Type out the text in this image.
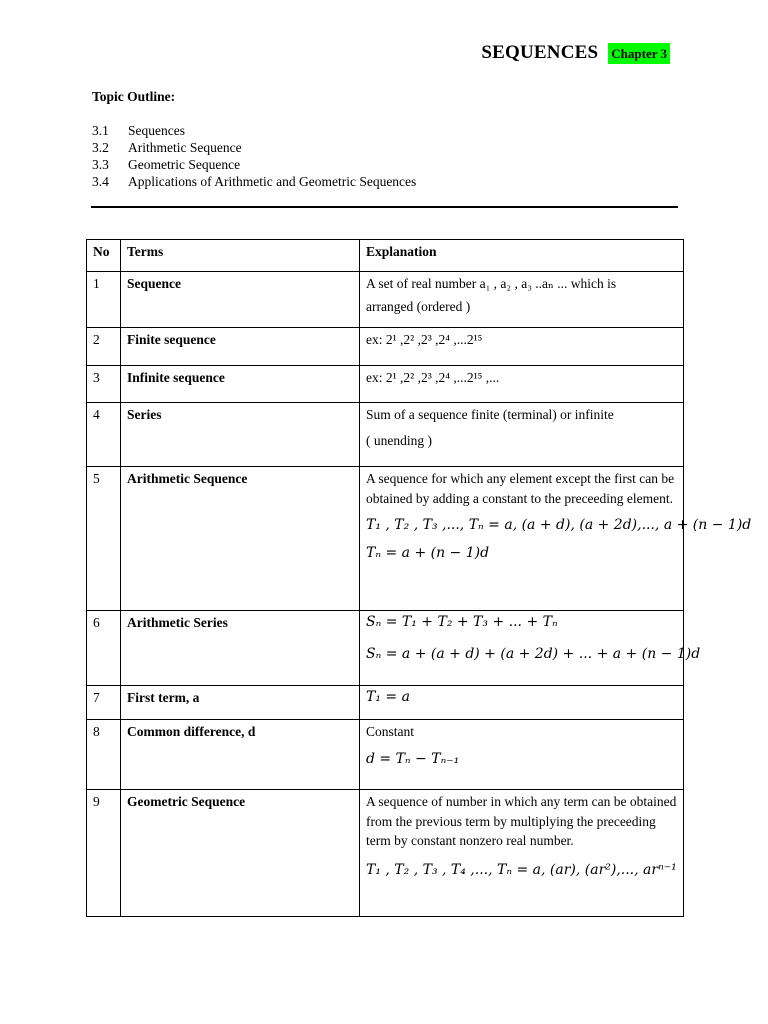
SEQUENCES Chapter 3
Topic Outline:
3.1	Sequences
3.2	Arithmetic Sequence
3.3	Geometric Sequence
3.4	Applications of Arithmetic and Geometric Sequences
No	Terms	Explanation
1	Sequence	A set of real number a₁ , a₂ , a₃ ..aₙ ... which is
arranged (ordered )

2	Finite sequence	ex: 2¹ ,2² ,2³ ,2⁴ ,...2¹⁵

3	Infinite sequence	ex: 2¹ ,2² ,2³ ,2⁴ ,...2¹⁵ ,...

4	Series	Sum of a sequence finite (terminal) or infinite
( unending )

5	Arithmetic Sequence	A sequence for which any element except the first can be obtained by adding a constant to the preceeding element.
T₁ , T₂ , T₃ ,..., Tₙ = a, (a + d), (a + 2d),..., a + (n − 1)d
Tₙ = a + (n − 1)d

6	Arithmetic Series	Sₙ = T₁ + T₂ + T₃ + ... + Tₙ
Sₙ = a + (a + d) + (a + 2d) + ... + a + (n − 1)d

7	First term, a	T₁ = a

8	Common difference, d	Constant
d = Tₙ − Tₙ₋₁

9	Geometric Sequence	A sequence of number in which any term can be obtained from the previous term by multiplying the preceeding term by constant nonzero real number.
T₁ , T₂ , T₃ , T₄ ,..., Tₙ = a, (ar), (ar²),..., arⁿ⁻¹
